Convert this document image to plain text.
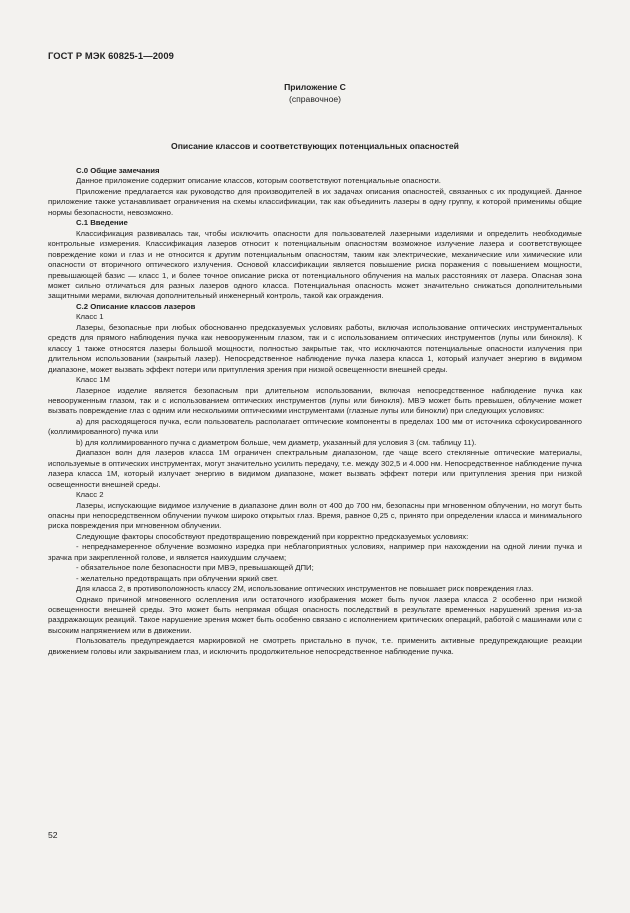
ГОСТ Р МЭК 60825-1—2009
Приложение С
(справочное)
Описание классов и соответствующих потенциальных опасностей

С.0 Общие замечания

Данное приложение содержит описание классов, которым соответствуют потенциальные опасности.

Приложение предлагается как руководство для производителей в их задачах описания опасностей, связанных с их продукцией. Данное приложение также устанавливает ограничения на схемы классификации, так как объединить лазеры в одну группу, к которой применимы общие нормы безопасности, невозможно.

С.1 Введение

Классификация развивалась так, чтобы исключить опасности для пользователей лазерными изделиями и определить необходимые контрольные измерения. Классификация лазеров относит к потенциальным опасностям возможное излучение лазера и соответствующее повреждение кожи и глаз и не относится к другим потенциальным опасностям, таким как электрические, механические или химические или опасности от вторичного оптического излучения. Основой классификации является повышение риска поражения с повышением мощности, превышающей базис — класс 1, и более точное описание риска от потенциального облучения на малых расстояниях от лазера. Опасная зона может сильно отличаться для разных лазеров одного класса. Потенциальная опасность может значительно снижаться дополнительными защитными мерами, включая дополнительный инженерный контроль, такой как ограждения.

С.2 Описание классов лазеров

Класс 1

Лазеры, безопасные при любых обоснованно предсказуемых условиях работы, включая использование оптических инструментальных средств для прямого наблюдения пучка как невооруженным глазом, так и с использованием оптических инструментов (лупы или бинокля). К классу 1 также относятся лазеры большой мощности, полностью закрытые так, что исключаются потенциальные опасности излучения при длительном использовании (закрытый лазер). Непосредственное наблюдение пучка лазера класса 1, который излучает энергию в видимом диапазоне, может вызвать эффект потери или притупления зрения при низкой освещенности внешней среды.

Класс 1М

Лазерное изделие является безопасным при длительном использовании, включая непосредственное наблюдение пучка как невооруженным глазом, так и с использованием оптических инструментов (лупы или бинокля). МВЭ может быть превышен, облучение может вызвать повреждение глаз с одним или несколькими оптическими инструментами (глазные лупы или бинокли) при следующих условиях:

a) для расходящегося пучка, если пользователь располагает оптические компоненты в пределах 100 мм от источника сфокусированного (коллимированного) пучка или

b) для коллимированного пучка с диаметром больше, чем диаметр, указанный для условия 3 (см. таблицу 11).

Диапазон волн для лазеров класса 1М ограничен спектральным диапазоном, где чаще всего стеклянные оптические материалы, используемые в оптических инструментах, могут значительно усилить передачу, т.е. между 302,5 и 4.000 нм. Непосредственное наблюдение пучка лазера класса 1М, который излучает энергию в видимом диапазоне, может вызвать эффект потери или притупления зрения при низкой освещенности внешней среды.

Класс 2

Лазеры, испускающие видимое излучение в диапазоне длин волн от 400 до 700 нм, безопасны при мгновенном облучении, но могут быть опасны при непосредственном облучении пучком широко открытых глаз. Время, равное 0,25 с, принято при определении класса и минимального риска повреждения при мгновенном облучении.

Следующие факторы способствуют предотвращению повреждений при корректно предсказуемых условиях:

- непреднамеренное облучение возможно изредка при неблагоприятных условиях, например при нахождении на одной линии пучка и зрачка при закрепленной голове, и является наихудшим случаем;

- обязательное поле безопасности при МВЭ, превышающей ДПИ;

- желательно предотвращать при облучении яркий свет.

Для класса 2, в противоположность классу 2М, использование оптических инструментов не повышает риск повреждения глаз.

Однако причиной мгновенного ослепления или остаточного изображения может быть пучок лазера класса 2 особенно при низкой освещенности внешней среды. Это может быть непрямая общая опасность последствий в результате временных нарушений зрения из-за раздражающих реакций. Такое нарушение зрения может быть особенно связано с исполнением критических операций, работой с машинами или с высоким напряжением или в движении.

Пользователь предупреждается маркировкой не смотреть пристально в пучок, т.е. применить активные предупреждающие реакции движением головы или закрыванием глаз, и исключить продолжительное непосредственное наблюдение пучка.

52
